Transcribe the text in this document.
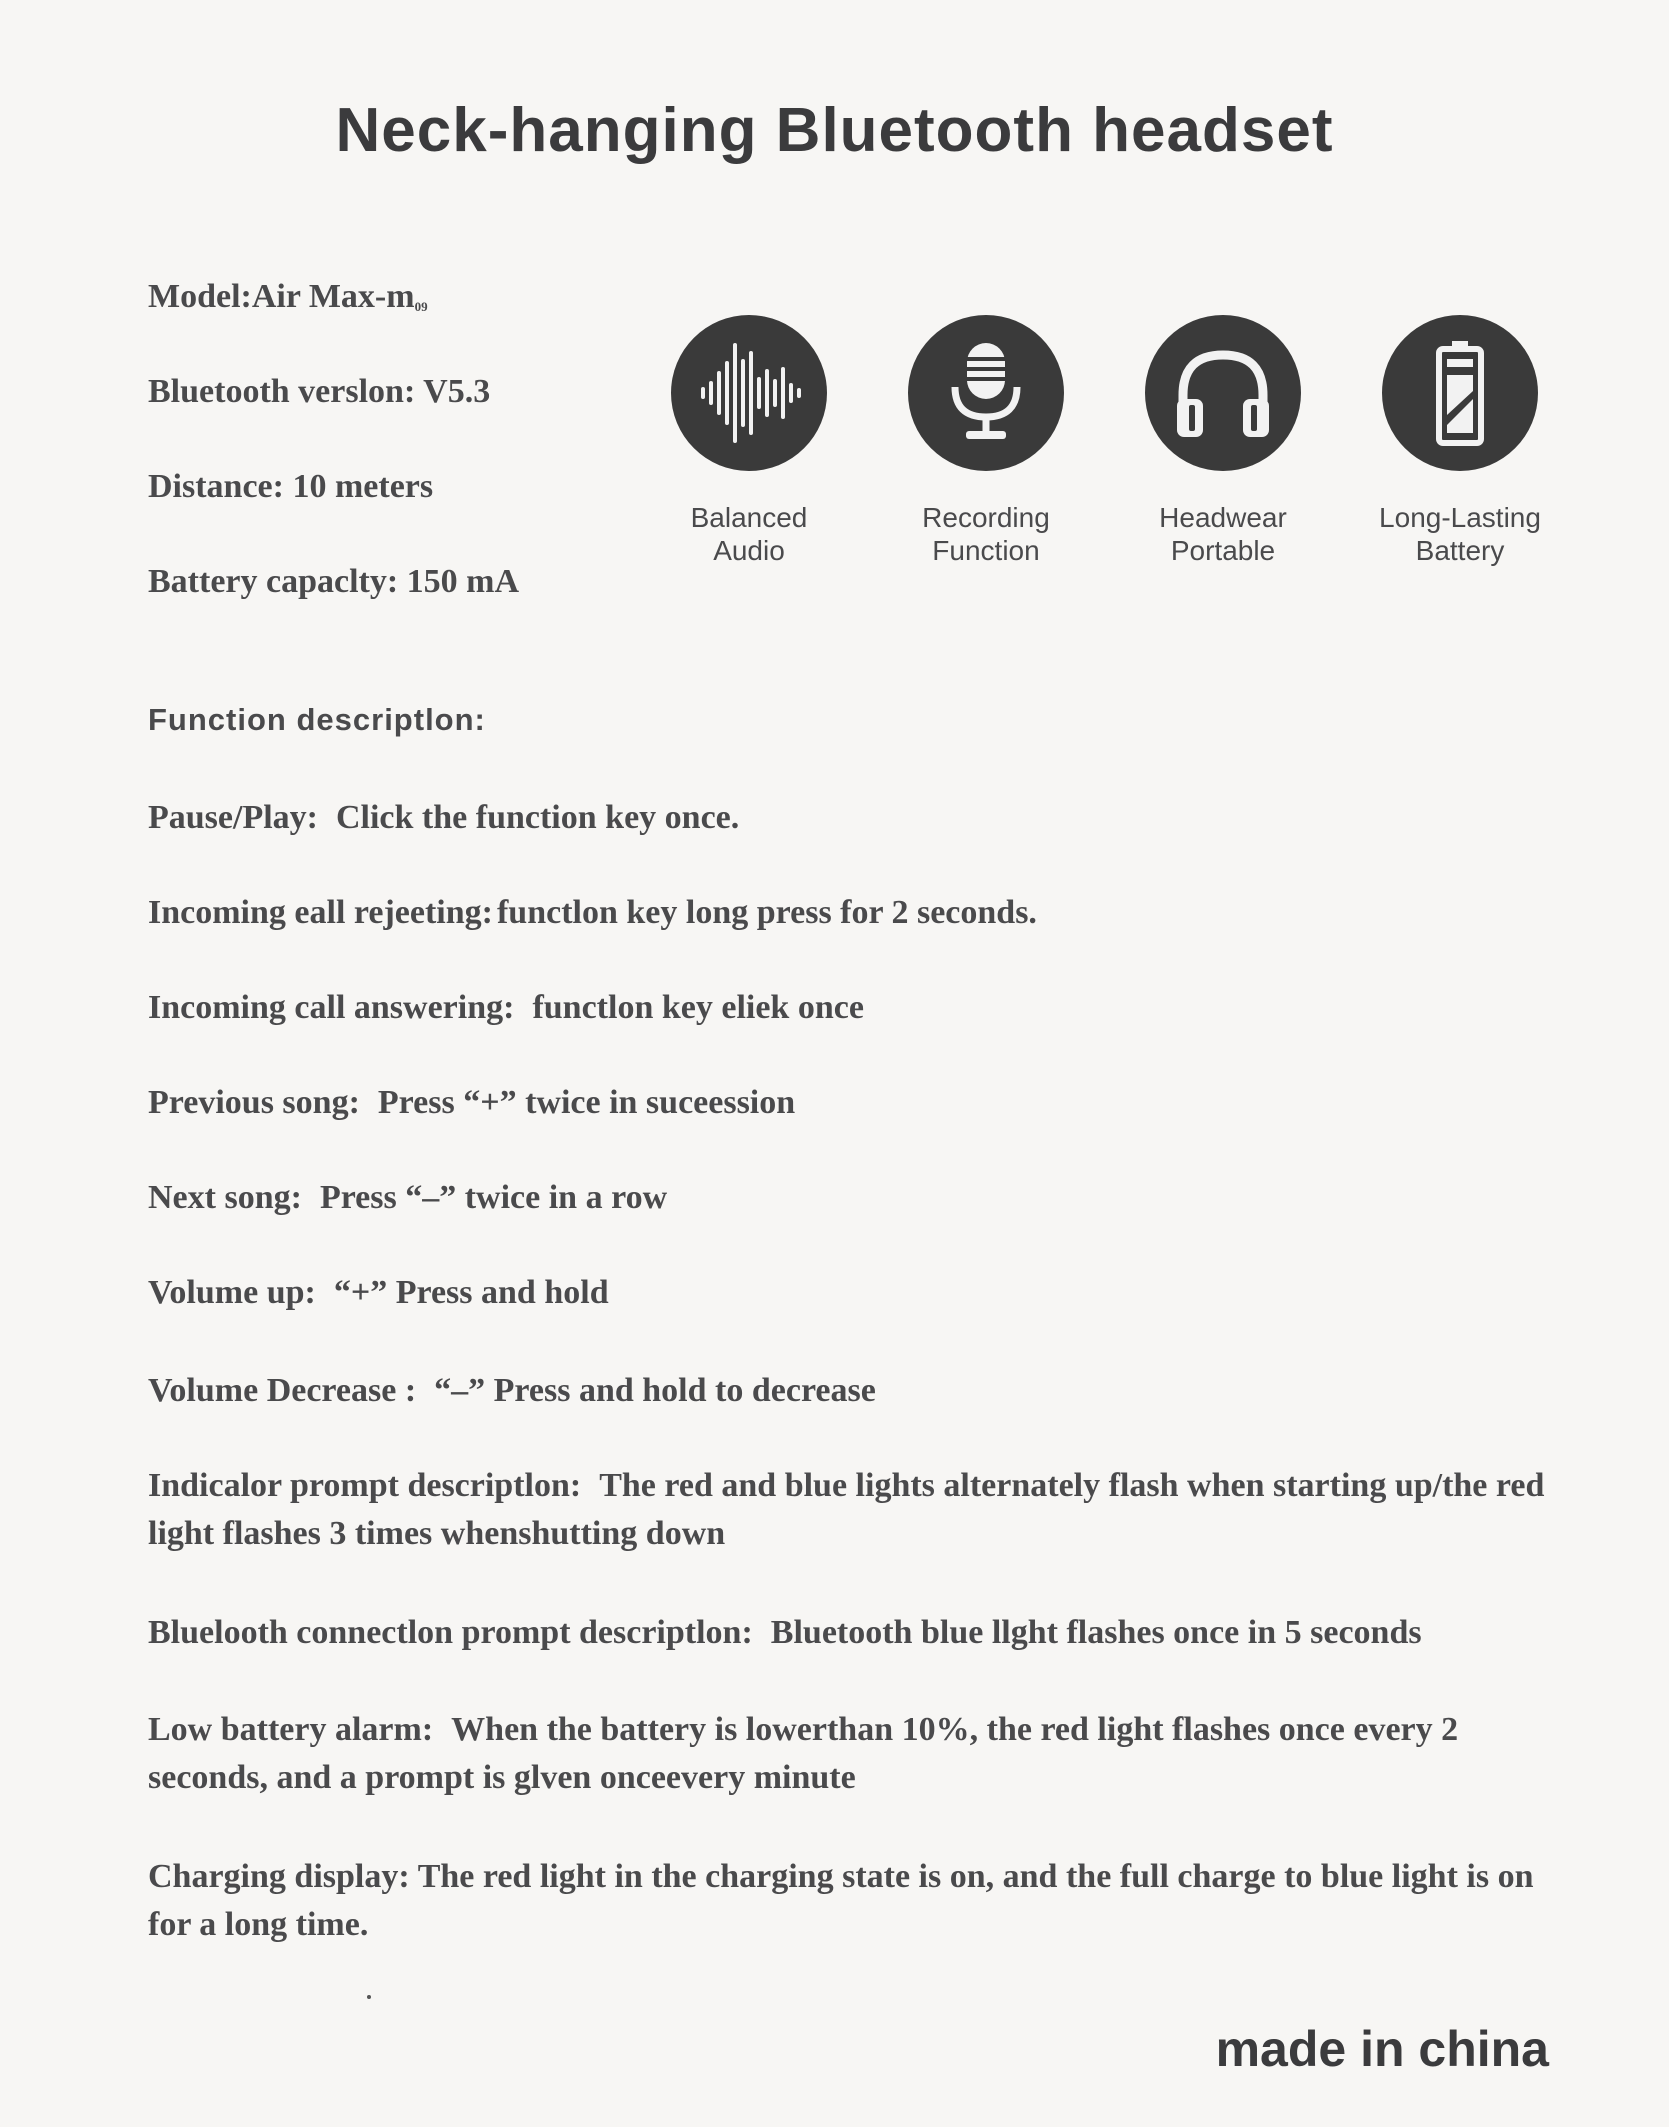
Neck-hanging Bluetooth headset
Model:Air Max-$m_{09}$
Bluetooth verslon: V5.3
Distance: 10 meters
Battery capaclty: 150 mA
Balanced
Audio
Recording
Function
Headwear
Portable
Long-Lasting
Battery
Function descriptlon:
Pause/Play: Click the function key once.
Incoming eall rejeeting: functlon key long press for 2 seconds.
Incoming call answering: functlon key eliek once
Previous song: Press “+” twice in suceession
Next song: Press “–” twice in a row
Volume up: “+” Press and hold
Volume Decrease : “–” Press and hold to decrease
Indicalor prompt descriptlon: The red and blue lights alternately flash when starting up/the red light flashes 3 times whenshutting down
Bluelooth connectlon prompt descriptlon: Bluetooth blue llght flashes once in 5 seconds
Low battery alarm: When the battery is lowerthan 10%, the red light flashes once every 2 seconds, and a prompt is glven onceevery minute
Charging display: The red light in the charging state is on, and the full charge to blue light is on for a long time.
made in china
